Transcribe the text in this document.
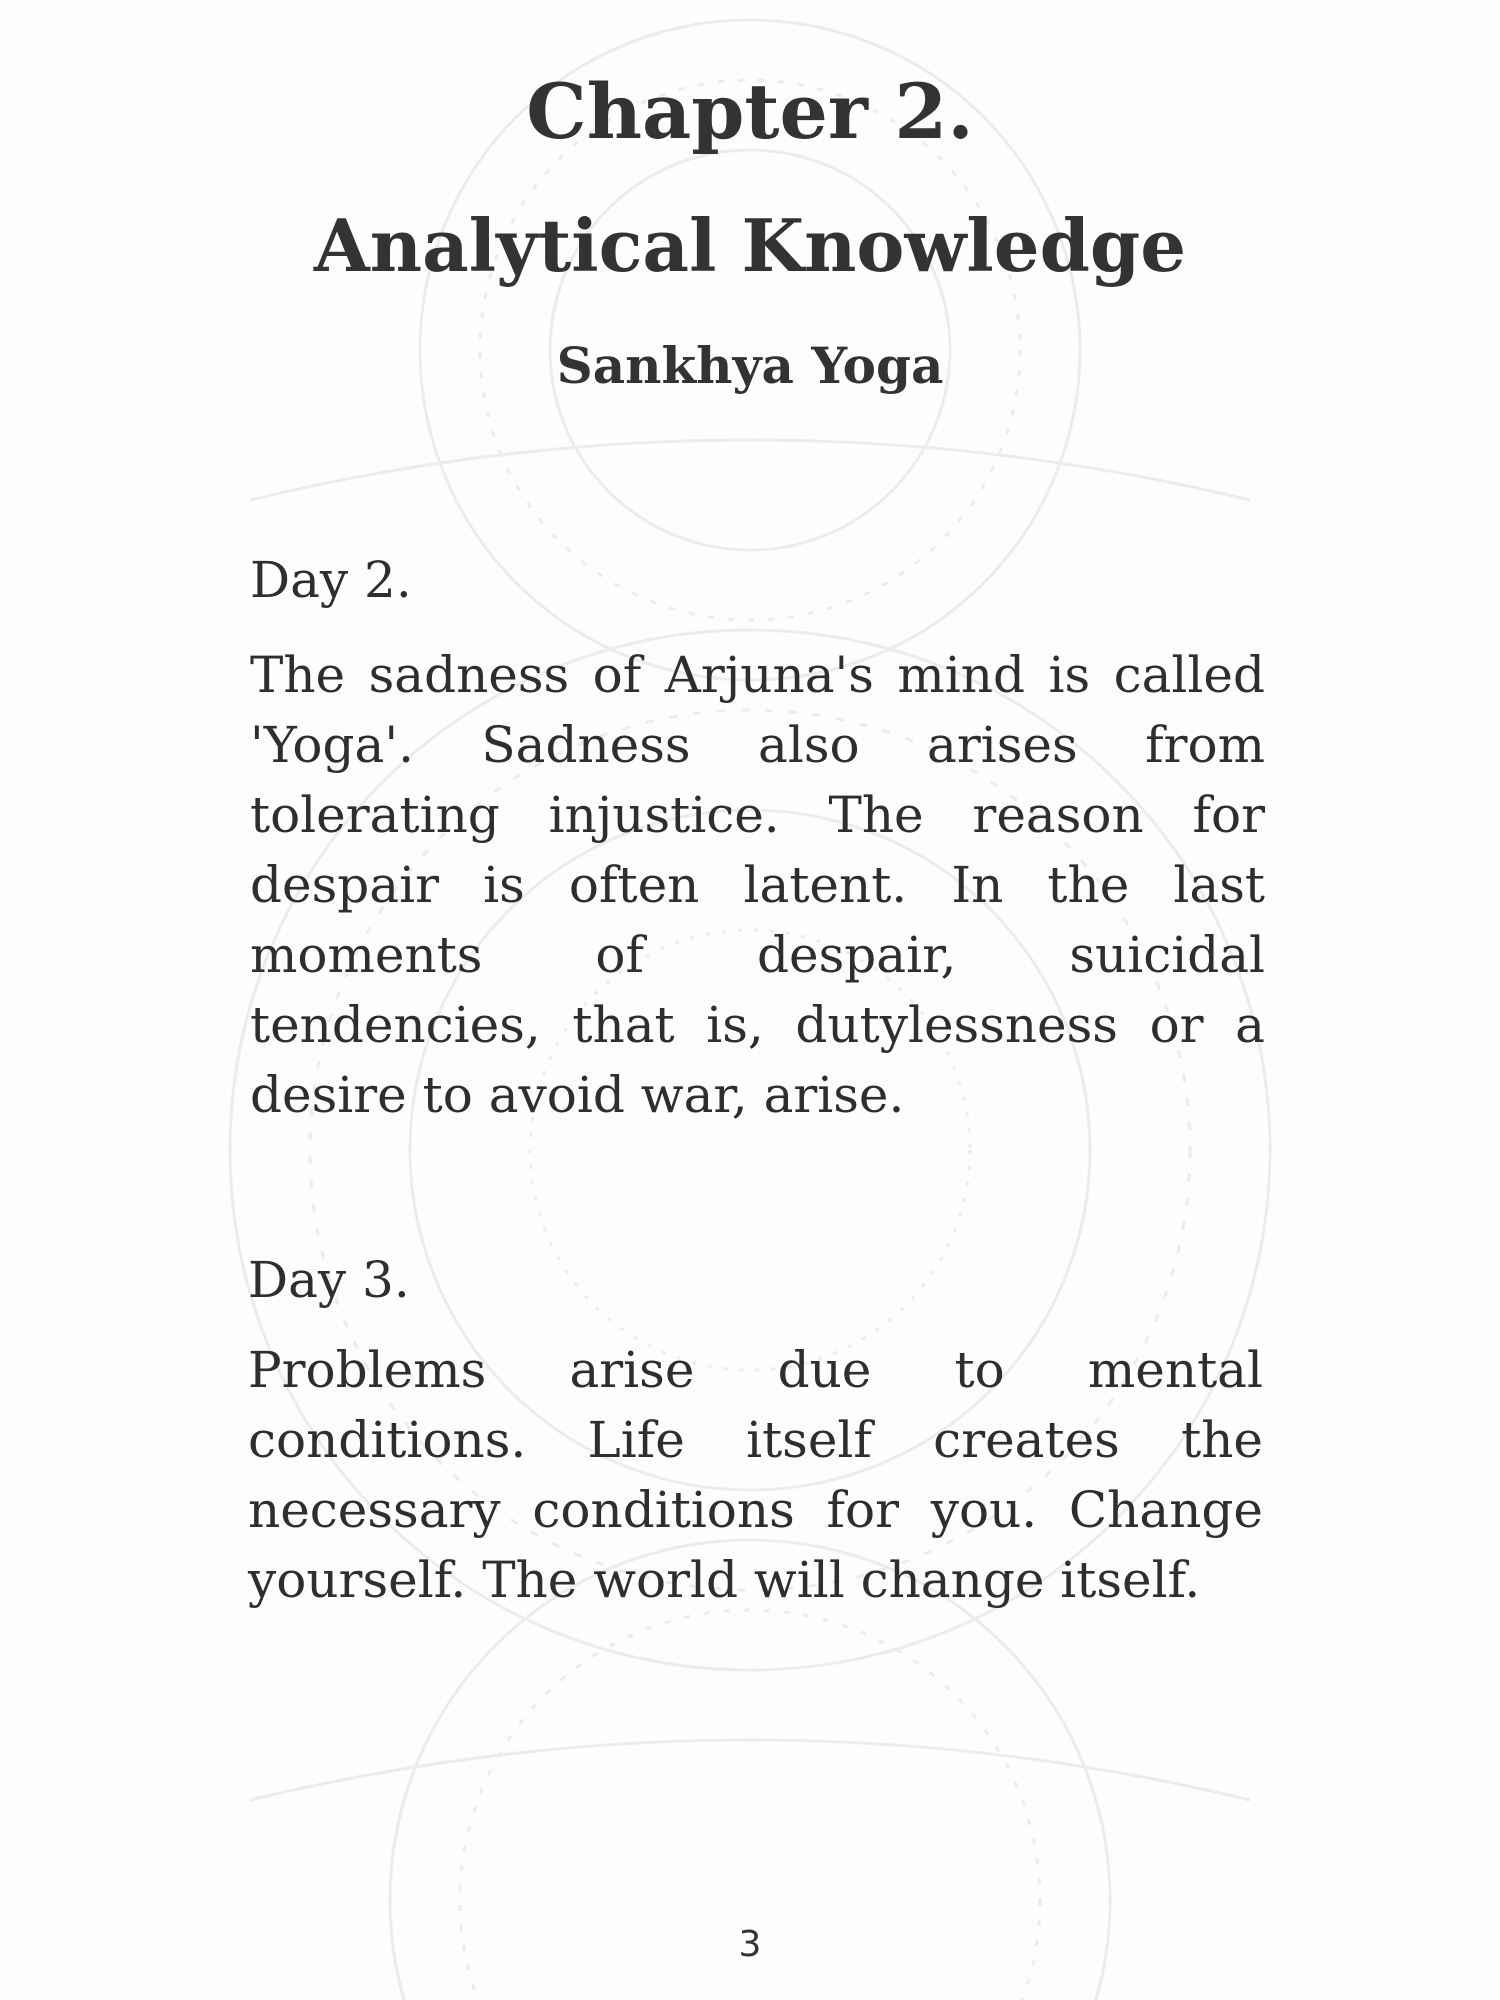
Chapter 2.
Analytical Knowledge
Sankhya Yoga
Day 2.
The sadness of Arjuna's mind is called 'Yoga'. Sadness also arises from tolerating injustice. The reason for despair is often latent. In the last moments of despair, suicidal tendencies, that is, dutylessness or a desire to avoid war, arise.
Day 3.
Problems arise due to mental conditions. Life itself creates the necessary conditions for you. Change yourself. The world will change itself.
3
